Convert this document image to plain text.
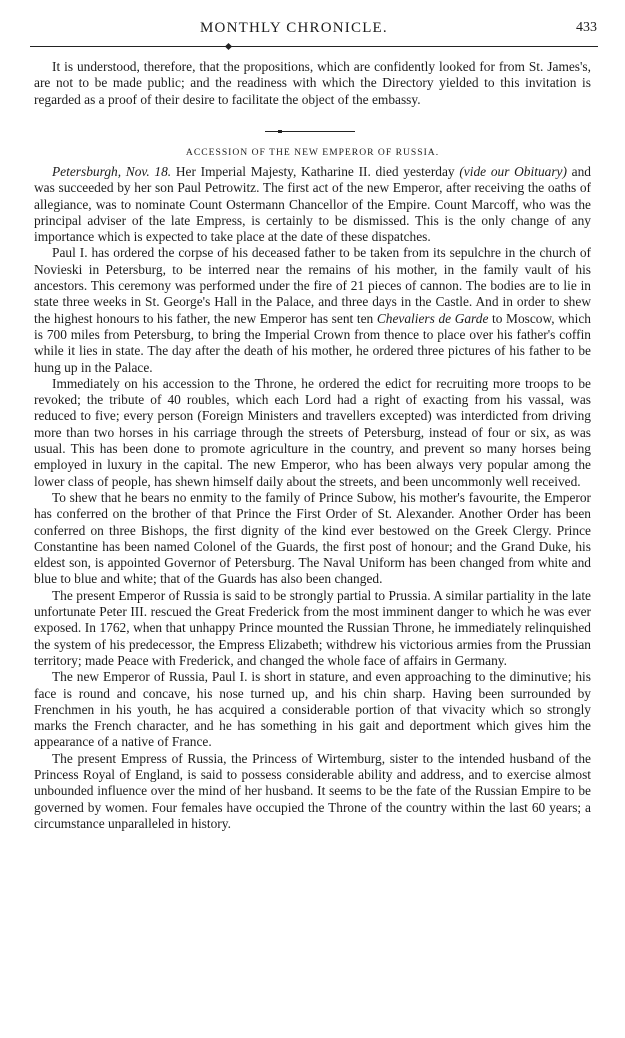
MONTHLY CHRONICLE.	433

It is understood, therefore, that the propositions, which are confidently looked for from St. James's, are not to be made public; and the readiness with which the Directory yielded to this invitation is regarded as a proof of their desire to facilitate the object of the embassy.

ACCESSION OF THE NEW EMPEROR OF RUSSIA.

Petersburgh, Nov. 18. Her Imperial Majesty, Katharine II. died yesterday (vide our Obituary) and was succeeded by her son Paul Petrowitz. The first act of the new Emperor, after receiving the oaths of allegiance, was to nominate Count Ostermann Chancellor of the Empire. Count Marcoff, who was the principal adviser of the late Empress, is certainly to be dismissed. This is the only change of any importance which is expected to take place at the date of these dispatches.

Paul I. has ordered the corpse of his deceased father to be taken from its sepulchre in the church of Novieski in Petersburg, to be interred near the remains of his mother, in the family vault of his ancestors. This ceremony was performed under the fire of 21 pieces of cannon. The bodies are to lie in state three weeks in St. George's Hall in the Palace, and three days in the Castle. And in order to shew the highest honours to his father, the new Emperor has sent ten Chevaliers de Garde to Moscow, which is 700 miles from Petersburg, to bring the Imperial Crown from thence to place over his father's coffin while it lies in state. The day after the death of his mother, he ordered three pictures of his father to be hung up in the Palace.

Immediately on his accession to the Throne, he ordered the edict for recruiting more troops to be revoked; the tribute of 40 roubles, which each Lord had a right of exacting from his vassal, was reduced to five; every person (Foreign Ministers and travellers excepted) was interdicted from driving more than two horses in his carriage through the streets of Petersburg, instead of four or six, as was usual. This has been done to promote agriculture in the country, and prevent so many horses being employed in luxury in the capital. The new Emperor, who has been always very popular among the lower class of people, has shewn himself daily about the streets, and been uncommonly well received.

To shew that he bears no enmity to the family of Prince Subow, his mother's favourite, the Emperor has conferred on the brother of that Prince the First Order of St. Alexander. Another Order has been conferred on three Bishops, the first dignity of the kind ever bestowed on the Greek Clergy. Prince Constantine has been named Colonel of the Guards, the first post of honour; and the Grand Duke, his eldest son, is appointed Governor of Petersburg. The Naval Uniform has been changed from white and blue to blue and white; that of the Guards has also been changed.

The present Emperor of Russia is said to be strongly partial to Prussia. A similar partiality in the late unfortunate Peter III. rescued the Great Frederick from the most imminent danger to which he was ever exposed. In 1762, when that unhappy Prince mounted the Russian Throne, he immediately relinquished the system of his predecessor, the Empress Elizabeth; withdrew his victorious armies from the Prussian territory; made Peace with Frederick, and changed the whole face of affairs in Germany.

The new Emperor of Russia, Paul I. is short in stature, and even approaching to the diminutive; his face is round and concave, his nose turned up, and his chin sharp. Having been surrounded by Frenchmen in his youth, he has acquired a considerable portion of that vivacity which so strongly marks the French character, and he has something in his gait and deportment which gives him the appearance of a native of France.

The present Empress of Russia, the Princess of Wirtemburg, sister to the intended husband of the Princess Royal of England, is said to possess considerable ability and address, and to exercise almost unbounded influence over the mind of her husband. It seems to be the fate of the Russian Empire to be governed by women. Four females have occupied the Throne of the country within the last 60 years; a circumstance unparalleled in history.
